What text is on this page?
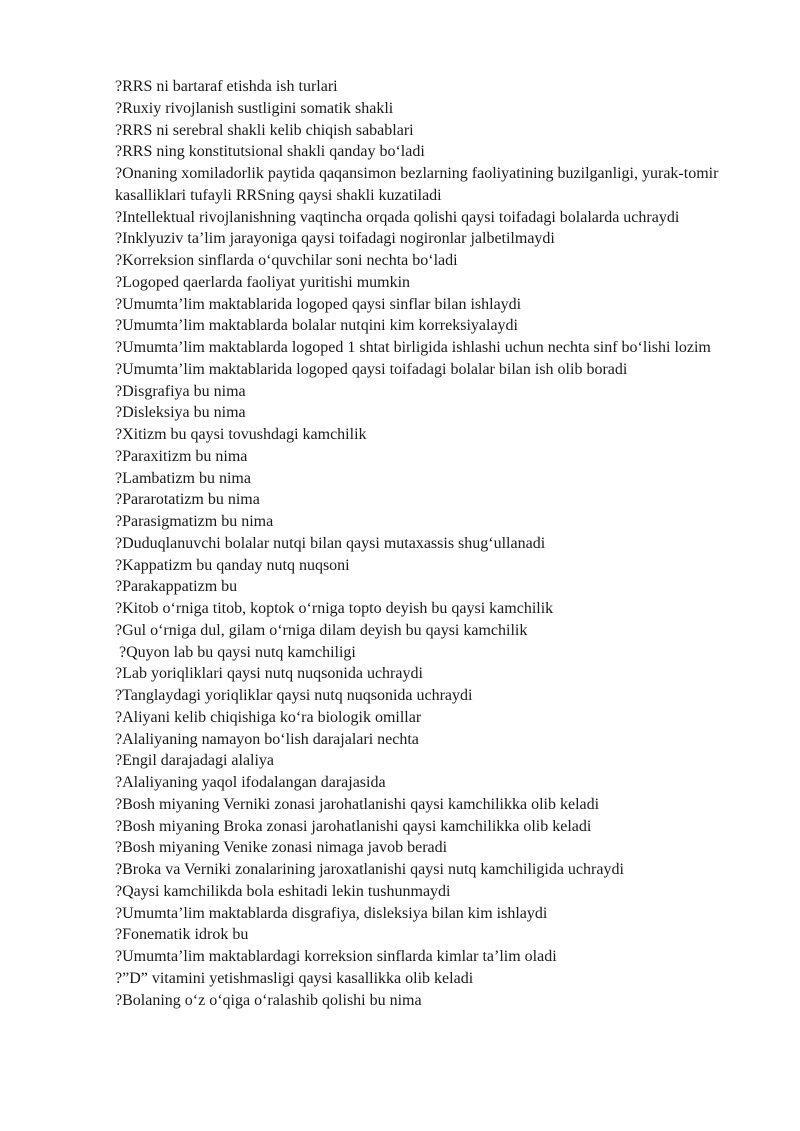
?RRS ni bartaraf etishda ish turlari
?Ruxiy rivojlanish sustligini somatik shakli
?RRS ni serebral shakli kelib chiqish sabablari
?RRS ning konstitutsional shakli qanday bo‘ladi
?Onaning xomiladorlik paytida qaqansimon bezlarning faoliyatining buzilganligi, yurak-tomir kasalliklari tufayli RRSning qaysi shakli kuzatiladi
?Intellektual rivojlanishning vaqtincha orqada qolishi qaysi toifadagi bolalarda uchraydi
?Inklyuziv ta’lim jarayoniga qaysi toifadagi nogironlar jalbetilmaydi
?Korreksion sinflarda o‘quvchilar soni nechta bo‘ladi
?Logoped qaerlarda faoliyat yuritishi mumkin
?Umumta’lim maktablarida logoped qaysi sinflar bilan ishlaydi
?Umumta’lim maktablarda bolalar nutqini kim korreksiyalaydi
?Umumta’lim maktablarda logoped 1 shtat birligida ishlashi uchun nechta sinf bo‘lishi lozim
?Umumta’lim maktablarida logoped qaysi toifadagi bolalar bilan ish olib boradi
?Disgrafiya bu nima
?Disleksiya bu nima
?Xitizm bu qaysi tovushdagi kamchilik
?Paraxitizm bu nima
?Lambatizm bu nima
?Pararotatizm bu nima
?Parasigmatizm bu nima
?Duduqlanuvchi bolalar nutqi bilan qaysi mutaxassis shug‘ullanadi
?Kappatizm bu qanday nutq nuqsoni
?Parakappatizm bu
?Kitob o‘rniga titob, koptok o‘rniga topto deyish bu qaysi kamchilik
?Gul o‘rniga dul, gilam o‘rniga dilam deyish bu qaysi kamchilik
?Quyon lab bu qaysi nutq kamchiligi
?Lab yoriqliklari qaysi nutq nuqsonida uchraydi
?Tanglaydagi yoriqliklar qaysi nutq nuqsonida uchraydi
?Aliyani kelib chiqishiga ko‘ra biologik omillar
?Alaliyaning namayon bo‘lish darajalari nechta
?Engil darajadagi alaliya
?Alaliyaning yaqol ifodalangan darajasida
?Bosh miyaning Verniki zonasi jarohatlanishi qaysi kamchilikka olib keladi
?Bosh miyaning Broka zonasi jarohatlanishi qaysi kamchilikka olib keladi
?Bosh miyaning Venike zonasi nimaga javob beradi
?Broka va Verniki zonalarining jaroxatlanishi qaysi nutq kamchiligida uchraydi
?Qaysi kamchilikda bola eshitadi lekin tushunmaydi
?Umumta’lim maktablarda disgrafiya, disleksiya bilan kim ishlaydi
?Fonematik idrok bu
?Umumta’lim maktablardagi korreksion sinflarda kimlar ta’lim oladi
?”D” vitamini yetishmasligi qaysi kasallikka olib keladi
?Bolaning o‘z o‘qiga o‘ralashib qolishi bu nima
